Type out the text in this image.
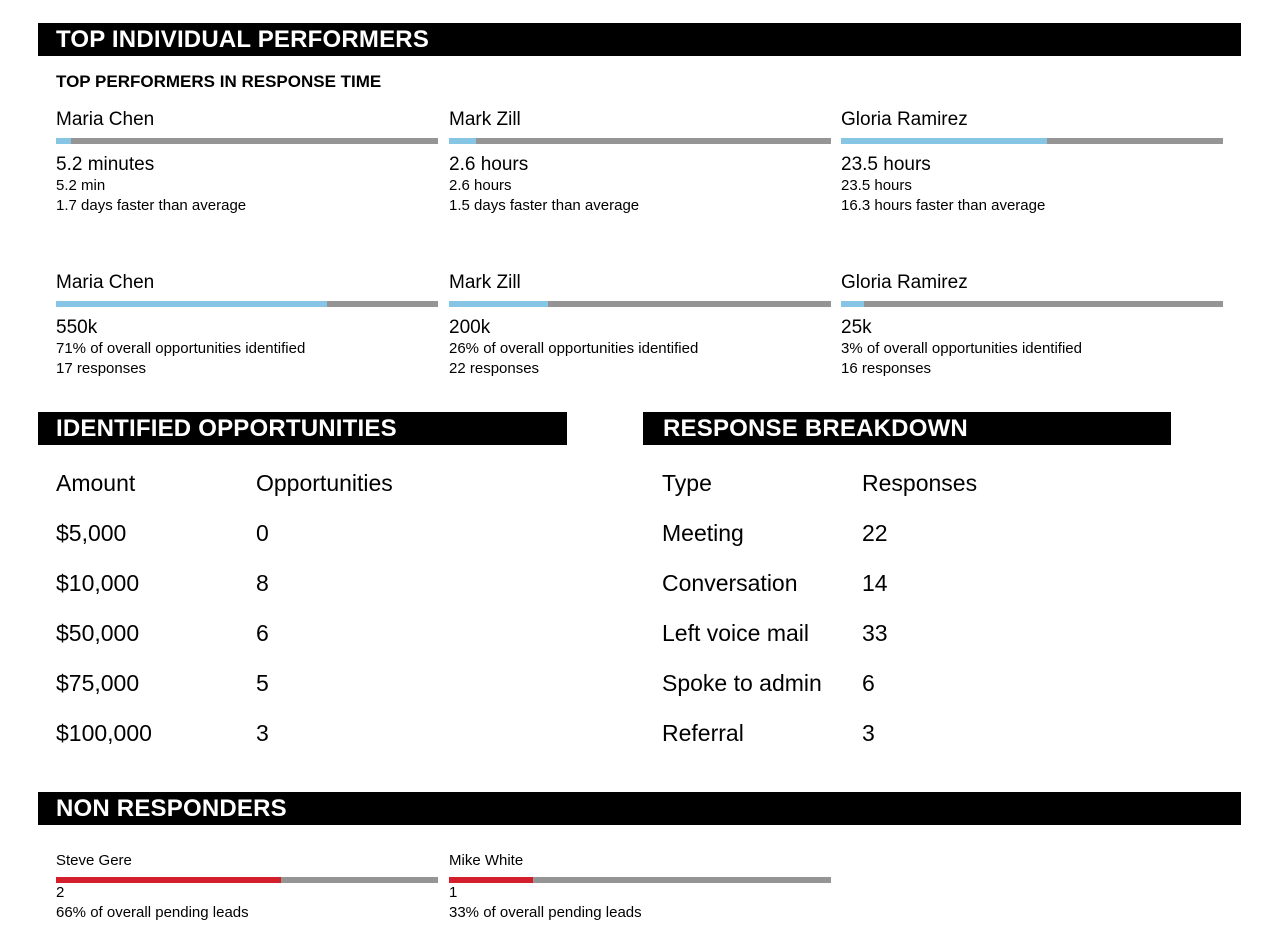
TOP INDIVIDUAL PERFORMERS
TOP PERFORMERS IN RESPONSE TIME
Maria Chen
5.2 minutes
5.2 min
1.7 days faster than average
Mark Zill
2.6 hours
2.6 hours
1.5 days faster than average
Gloria Ramirez
23.5 hours
23.5 hours
16.3 hours faster than average
Maria Chen
550k
71% of overall opportunities identified
17 responses
Mark Zill
200k
26% of overall opportunities identified
22 responses
Gloria Ramirez
25k
3% of overall opportunities identified
16 responses
IDENTIFIED OPPORTUNITIES
Amount	Opportunities
$5,000	0
$10,000	8
$50,000	6
$75,000	5
$100,000	3
RESPONSE BREAKDOWN
Type	Responses
Meeting	22
Conversation	14
Left voice mail	33
Spoke to admin	6
Referral	3
NON RESPONDERS
Steve Gere
2
66% of overall pending leads
Mike White
1
33% of overall pending leads
